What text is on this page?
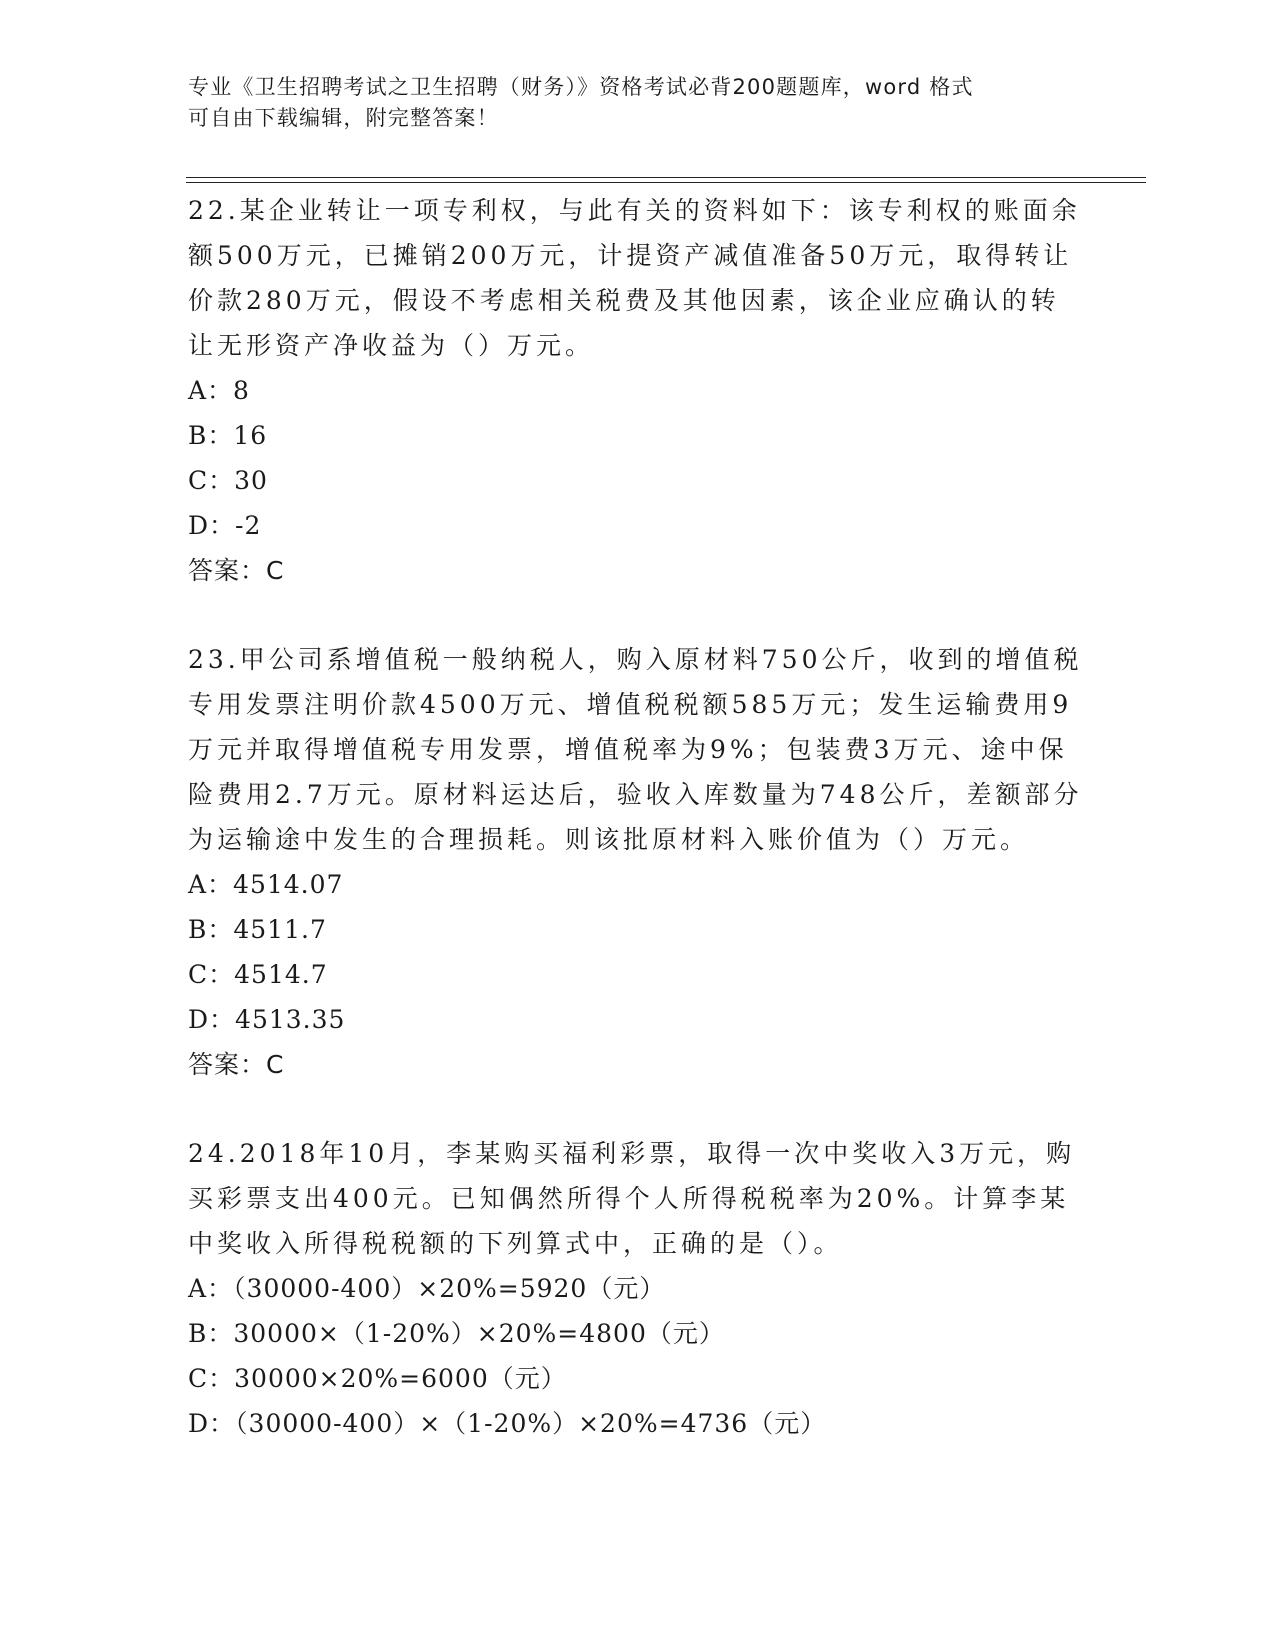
专业《卫生招聘考试之卫生招聘（财务）》资格考试必背200题题库，word 格式
可自由下载编辑，附完整答案！

22.某企业转让一项专利权，与此有关的资料如下：该专利权的账面余额500万元，已摊销200万元，计提资产减值准备50万元，取得转让价款280万元，假设不考虑相关税费及其他因素，该企业应确认的转让无形资产净收益为（）万元。

A：8

B：16

C：30

D：-2

答案：C

23.甲公司系增值税一般纳税人，购入原材料750公斤，收到的增值税专用发票注明价款4500万元、增值税税额585万元；发生运输费用9万元并取得增值税专用发票，增值税率为9%；包装费3万元、途中保险费用2.7万元。原材料运达后，验收入库数量为748公斤，差额部分为运输途中发生的合理损耗。则该批原材料入账价值为（）万元。

A：4514.07

B：4511.7

C：4514.7

D：4513.35

答案：C

24.2018年10月，李某购买福利彩票，取得一次中奖收入3万元，购买彩票支出400元。已知偶然所得个人所得税税率为20%。计算李某中奖收入所得税税额的下列算式中，正确的是（）。

A：（30000-400）×20%=5920（元）

B：30000×（1-20%）×20%=4800（元）

C：30000×20%=6000（元）

D：（30000-400）×（1-20%）×20%=4736（元）
